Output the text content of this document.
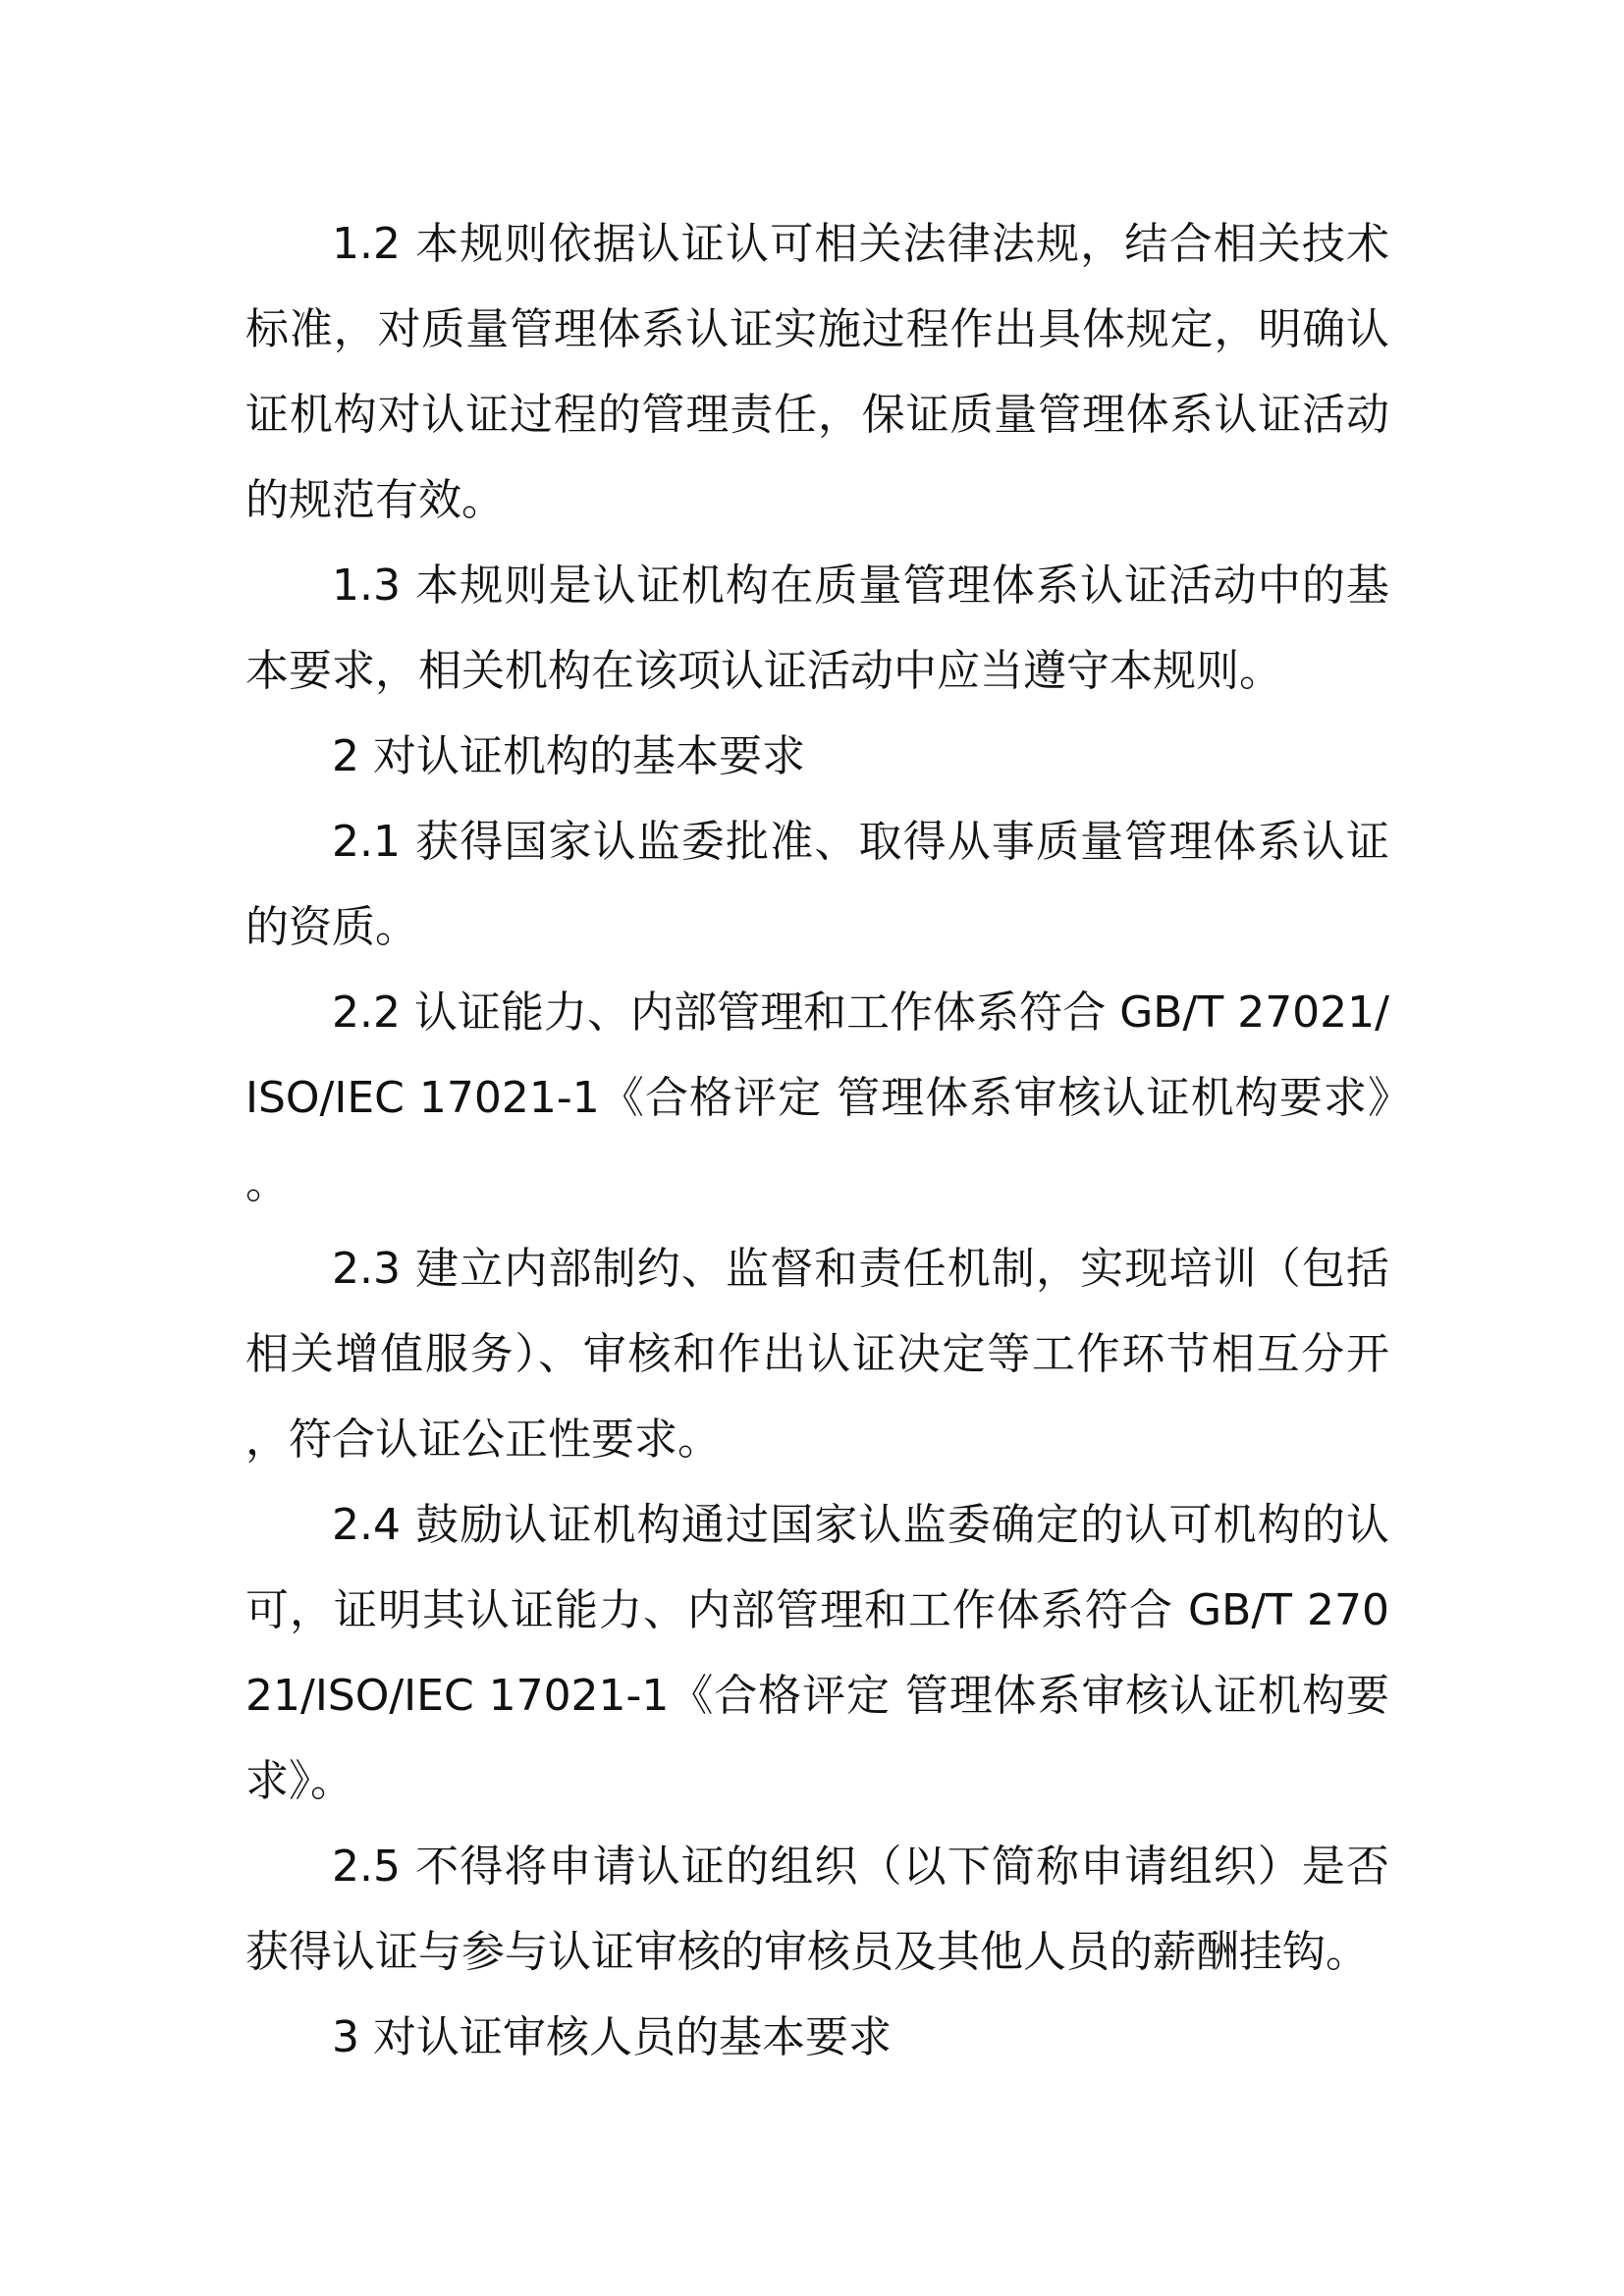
1.2 本规则依据认证认可相关法律法规，结合相关技术标准，对质量管理体系认证实施过程作出具体规定，明确认证机构对认证过程的管理责任，保证质量管理体系认证活动的规范有效。

1.3 本规则是认证机构在质量管理体系认证活动中的基本要求，相关机构在该项认证活动中应当遵守本规则。

2 对认证机构的基本要求

2.1 获得国家认监委批准、取得从事质量管理体系认证的资质。

2.2 认证能力、内部管理和工作体系符合 GB/T 27021/ISO/IEC 17021-1《合格评定 管理体系审核认证机构要求》。

2.3 建立内部制约、监督和责任机制，实现培训（包括相关增值服务）、审核和作出认证决定等工作环节相互分开，符合认证公正性要求。

2.4 鼓励认证机构通过国家认监委确定的认可机构的认可，证明其认证能力、内部管理和工作体系符合 GB/T 27021/ISO/IEC 17021-1《合格评定 管理体系审核认证机构要求》。

2.5 不得将申请认证的组织（以下简称申请组织）是否获得认证与参与认证审核的审核员及其他人员的薪酬挂钩。

3 对认证审核人员的基本要求
